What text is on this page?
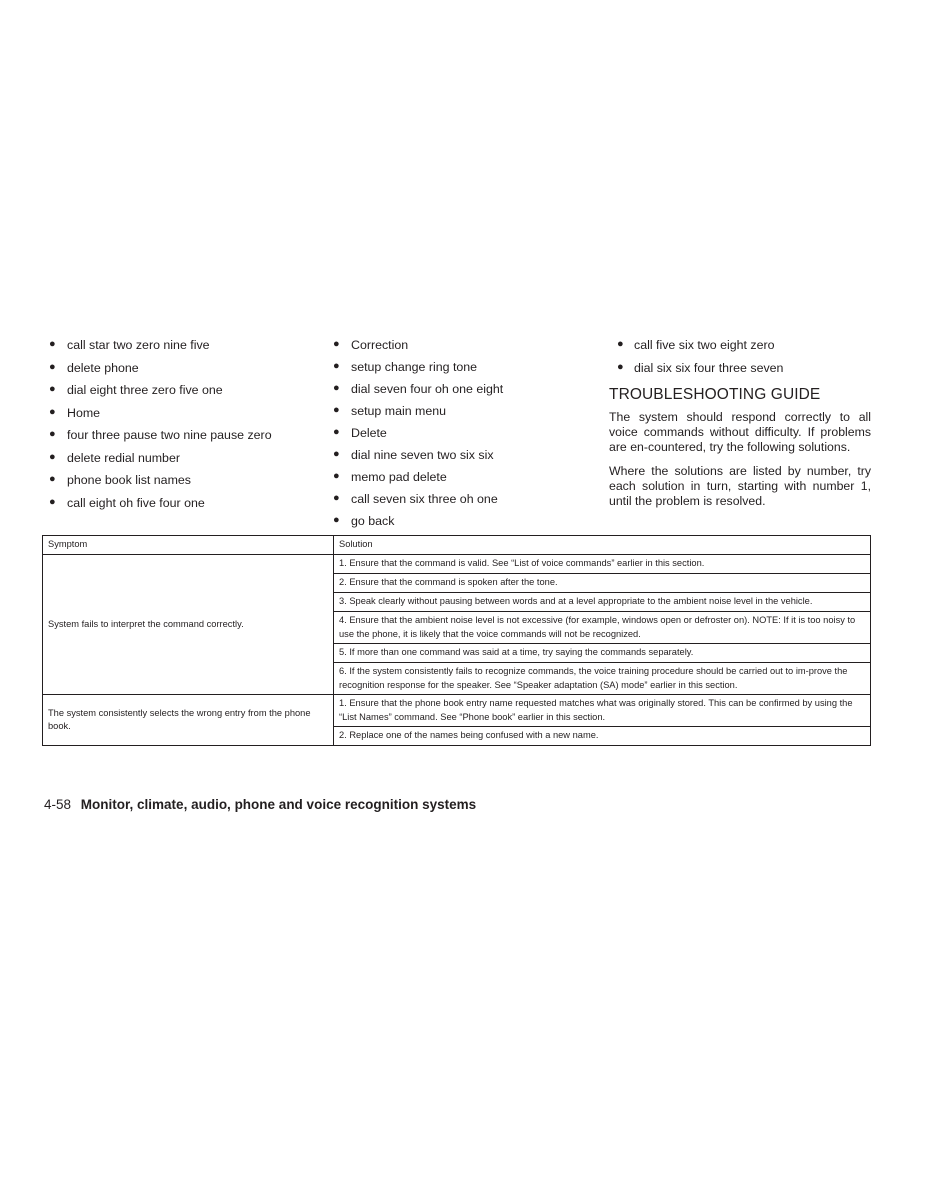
● call star two zero nine five
● delete phone
● dial eight three zero five one
● Home
● four three pause two nine pause zero
● delete redial number
● phone book list names
● call eight oh five four one
● Correction
● setup change ring tone
● dial seven four oh one eight
● setup main menu
● Delete
● dial nine seven two six six
● memo pad delete
● call seven six three oh one
● go back
● call five six two eight zero
● dial six six four three seven
TROUBLESHOOTING GUIDE

The system should respond correctly to all voice commands without difficulty. If problems are en-countered, try the following solutions.

Where the solutions are listed by number, try each solution in turn, starting with number 1, until the problem is resolved.

Symptom	Solution
System fails to interpret the command correctly.	1. Ensure that the command is valid. See “List of voice commands” earlier in this section.
	2. Ensure that the command is spoken after the tone.
	3. Speak clearly without pausing between words and at a level appropriate to the ambient noise level in the vehicle.
	4. Ensure that the ambient noise level is not excessive (for example, windows open or defroster on). NOTE: If it is too noisy to use the phone, it is likely that the voice commands will not be recognized.
	5. If more than one command was said at a time, try saying the commands separately.
	6. If the system consistently fails to recognize commands, the voice training procedure should be carried out to im-prove the recognition response for the speaker. See “Speaker adaptation (SA) mode” earlier in this section.
The system consistently selects the wrong entry from the phone book.	1. Ensure that the phone book entry name requested matches what was originally stored. This can be confirmed by using the “List Names” command. See “Phone book” earlier in this section.
	2. Replace one of the names being confused with a new name.
4-58 Monitor, climate, audio, phone and voice recognition systems
